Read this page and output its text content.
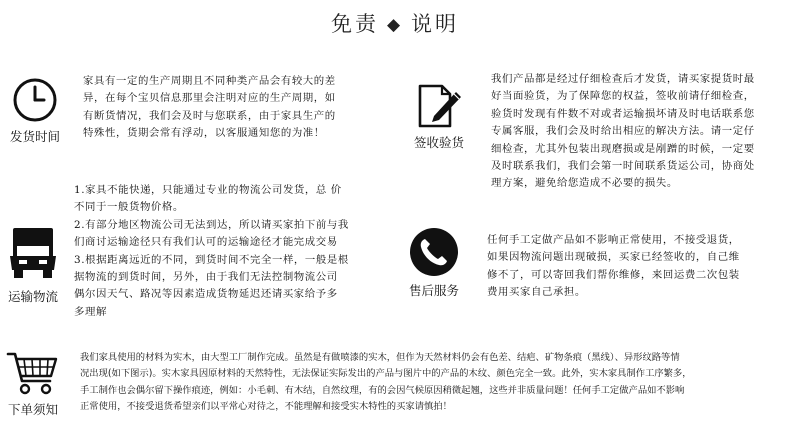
免责 ◆ 说明
发货时间

家具有一定的生产周期且不同种类产品会有较大的差

异，在每个宝贝信息那里会注明对应的生产周期，如

有断货情况，我们会及时与您联系，由于家具生产的

特殊性，货期会常有浮动，以客服通知您的为准！

签收验货

我们产品都是经过仔细检查后才发货，请买家提货时最

好当面验货，为了保障您的权益，签收前请仔细检查，

验货时发现有件数不对或者运输损坏请及时电话联系您

专属客服，我们会及时给出相应的解决方法。请一定仔

细检查，尤其外包装出现磨损或是剐蹭的时候，一定要

及时联系我们，我们会第一时间联系货运公司，协商处

理方案，避免给您造成不必要的损失。

运输物流

1.家具不能快递，只能通过专业的物流公司发货，总 价

不同于一般货物价格。

2.有部分地区物流公司无法到达，所以请买家拍下前与我

们商讨运输途径只有我们认可的运输途径才能完成交易

3.根据距离远近的不同，到货时间不完全一样，一般是根

据物流的到货时间，另外，由于我们无法控制物流公司

偶尔因天气、路况等因素造成货物延迟还请买家给予多

多理解

售后服务

任何手工定做产品如不影响正常使用，不接受退货，

如果因物流问题出现破损，买家已经签收的，自己维

修不了，可以寄回我们帮你维修，来回运费二次包装

费用买家自己承担。

下单须知

我们家具使用的材料为实木，由大型工厂制作完成。虽然是有做喷漆的实木，但作为天然材料仍会有色差、结疤、矿物条痕（黑线）、异形纹路等情

况出现(如下图示)。实木家具因原材料的天然特性，无法保证实际发出的产品与图片中的产品的木纹、颜色完全一致。此外，实木家具制作工序繁多，

手工制作也会偶尔留下操作痕迹，例如：小毛刺、有木结，自然纹理，有的会因气候原因稍微起翘，这些并非质量问题！任何手工定做产品如不影响

正常使用，不接受退货希望亲们以平常心对待之，不能理解和接受实木特性的买家请慎拍！
